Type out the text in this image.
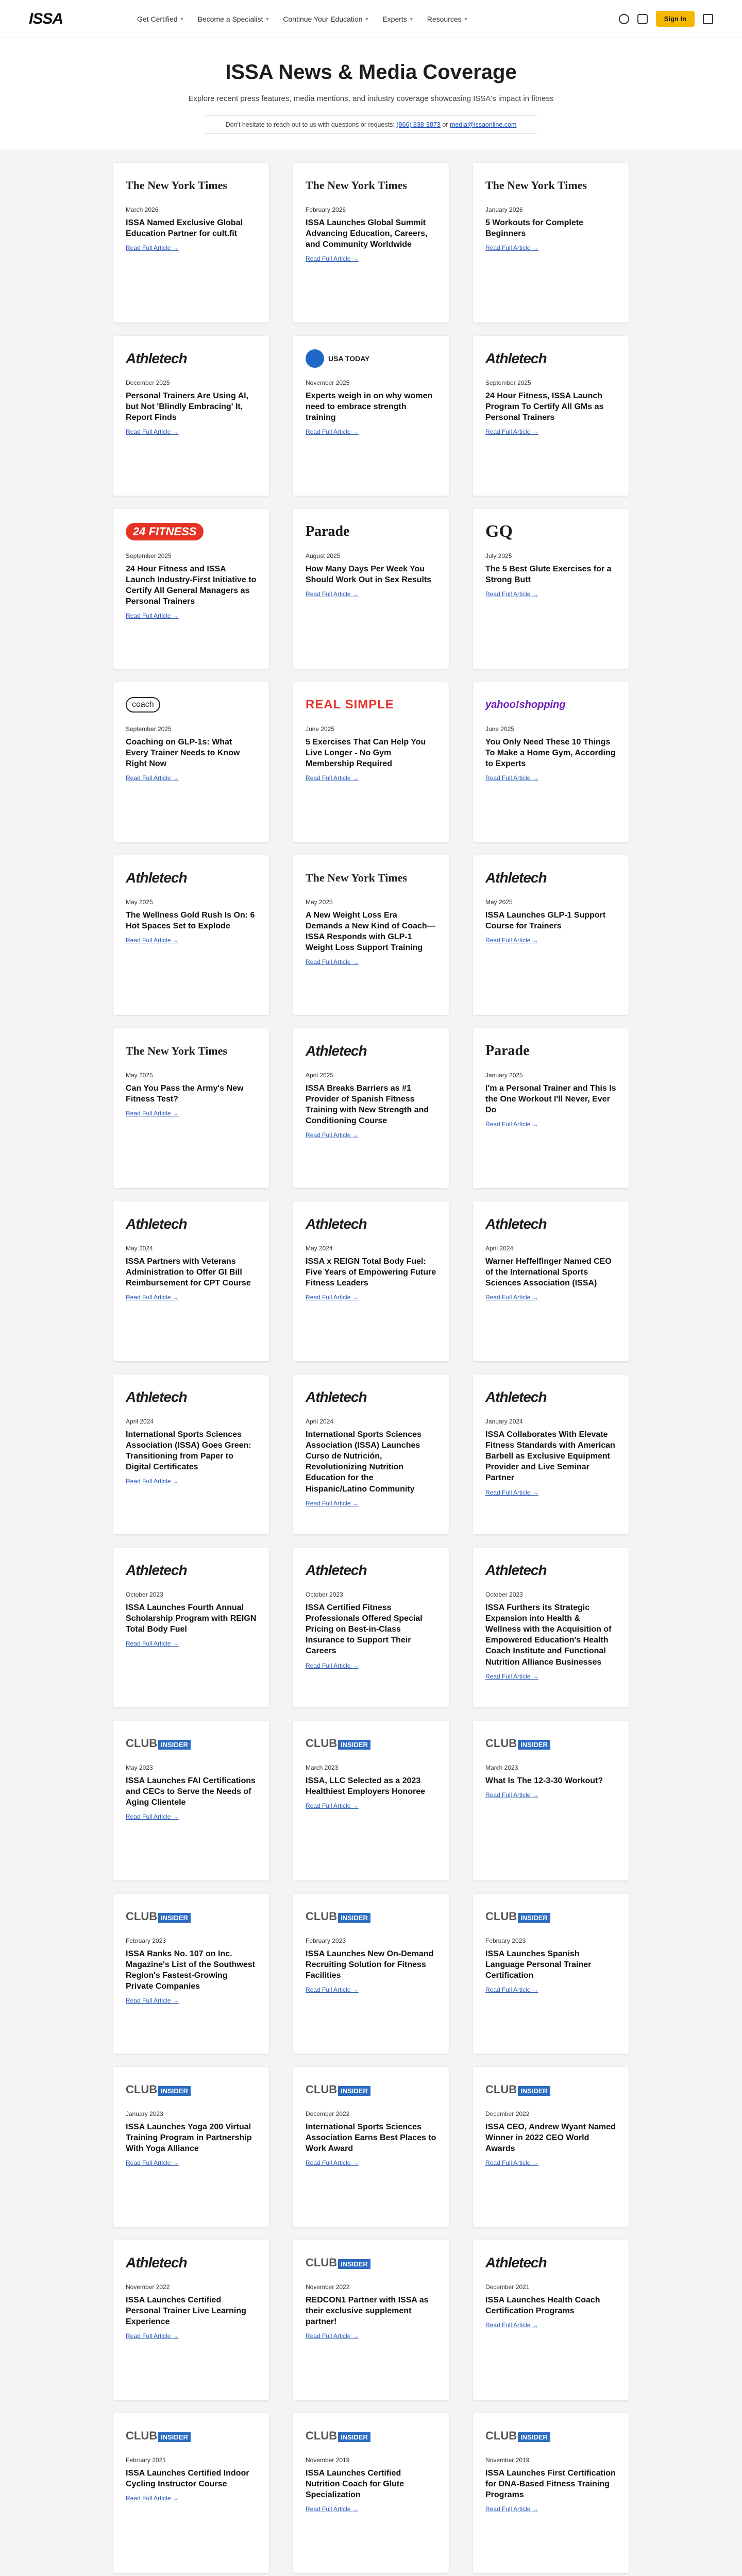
ISSA	Get Certified ▼ Become a Specialist ▼ Continue Your Education ▼ Experts ▼ Resources ▼	Sign In
ISSA News & Media Coverage

Explore recent press features, media mentions, and industry coverage showcasing ISSA's impact in fitness

Don't hesitate to reach out to us with questions or requests: (866) 838-3873 or media@issaonline.com
The New York Times
March 2026
ISSA Named Exclusive Global Education Partner for cult.fit
Read Full Article →
The New York Times
February 2026
ISSA Launches Global Summit Advancing Education, Careers, and Community Worldwide
Read Full Article →
The New York Times
January 2026
5 Workouts for Complete Beginners
Read Full Article →
Athletech
December 2025
Personal Trainers Are Using AI, but Not 'Blindly Embracing' It, Report Finds
Read Full Article →
USA TODAY
November 2025
Experts weigh in on why women need to embrace strength training
Read Full Article →
Athletech
September 2025
24 Hour Fitness, ISSA Launch Program To Certify All GMs as Personal Trainers
Read Full Article →
24 FITNESS
September 2025
24 Hour Fitness and ISSA Launch Industry-First Initiative to Certify All General Managers as Personal Trainers
Read Full Article →
Parade
August 2025
How Many Days Per Week You Should Work Out in Sex Results
Read Full Article →
GQ
July 2025
The 5 Best Glute Exercises for a Strong Butt
Read Full Article →
coach
September 2025
Coaching on GLP-1s: What Every Trainer Needs to Know Right Now
Read Full Article →
REAL SIMPLE
June 2025
5 Exercises That Can Help You Live Longer - No Gym Membership Required
Read Full Article →
yahoo!shopping
June 2025
You Only Need These 10 Things To Make a Home Gym, According to Experts
Read Full Article →
Athletech
May 2025
The Wellness Gold Rush Is On: 6 Hot Spaces Set to Explode
Read Full Article →
The New York Times
May 2025
A New Weight Loss Era Demands a New Kind of Coach—ISSA Responds with GLP-1 Weight Loss Support Training
Read Full Article →
Athletech
May 2025
ISSA Launches GLP-1 Support Course for Trainers
Read Full Article →
The New York Times
May 2025
Can You Pass the Army's New Fitness Test?
Read Full Article →
Athletech
April 2025
ISSA Breaks Barriers as #1 Provider of Spanish Fitness Training with New Strength and Conditioning Course
Read Full Article →
Parade
January 2025
I'm a Personal Trainer and This Is the One Workout I'll Never, Ever Do
Read Full Article →
Athletech
May 2024
ISSA Partners with Veterans Administration to Offer GI Bill Reimbursement for CPT Course
Read Full Article →
Athletech
May 2024
ISSA x REIGN Total Body Fuel: Five Years of Empowering Future Fitness Leaders
Read Full Article →
Athletech
April 2024
Warner Heffelfinger Named CEO of the International Sports Sciences Association (ISSA)
Read Full Article →
Athletech
April 2024
International Sports Sciences Association (ISSA) Goes Green: Transitioning from Paper to Digital Certificates
Read Full Article →
Athletech
April 2024
International Sports Sciences Association (ISSA) Launches Curso de Nutrición, Revolutionizing Nutrition Education for the Hispanic/Latino Community
Read Full Article →
Athletech
January 2024
ISSA Collaborates With Elevate Fitness Standards with American Barbell as Exclusive Equipment Provider and Live Seminar Partner
Read Full Article →
Athletech
October 2023
ISSA Launches Fourth Annual Scholarship Program with REIGN Total Body Fuel
Read Full Article →
Athletech
October 2023
ISSA Certified Fitness Professionals Offered Special Pricing on Best-in-Class Insurance to Support Their Careers
Read Full Article →
Athletech
October 2023
ISSA Furthers its Strategic Expansion into Health & Wellness with the Acquisition of Empowered Education's Health Coach Institute and Functional Nutrition Alliance Businesses
Read Full Article →
CLUB INSIDER
May 2023
ISSA Launches FAI Certifications and CECs to Serve the Needs of Aging Clientele
Read Full Article →
CLUB INSIDER
March 2023
ISSA, LLC Selected as a 2023 Healthiest Employers Honoree
Read Full Article →
CLUB INSIDER
March 2023
What Is The 12-3-30 Workout?
Read Full Article →
CLUB INSIDER
February 2023
ISSA Ranks No. 107 on Inc. Magazine's List of the Southwest Region's Fastest-Growing Private Companies
Read Full Article →
CLUB INSIDER
February 2023
ISSA Launches New On-Demand Recruiting Solution for Fitness Facilities
Read Full Article →
CLUB INSIDER
February 2023
ISSA Launches Spanish Language Personal Trainer Certification
Read Full Article →
CLUB INSIDER
January 2023
ISSA Launches Yoga 200 Virtual Training Program in Partnership With Yoga Alliance
Read Full Article →
CLUB INSIDER
December 2022
International Sports Sciences Association Earns Best Places to Work Award
Read Full Article →
CLUB INSIDER
December 2022
ISSA CEO, Andrew Wyant Named Winner in 2022 CEO World Awards
Read Full Article →
Athletech
November 2022
ISSA Launches Certified Personal Trainer Live Learning Experience
Read Full Article →
CLUB INSIDER
November 2022
REDCON1 Partner with ISSA as their exclusive supplement partner!
Read Full Article →
Athletech
December 2021
ISSA Launches Health Coach Certification Programs
Read Full Article →
CLUB INSIDER
February 2021
ISSA Launches Certified Indoor Cycling Instructor Course
Read Full Article →
CLUB INSIDER
November 2019
ISSA Launches Certified Nutrition Coach for Glute Specialization
Read Full Article →
CLUB INSIDER
November 2019
ISSA Launches First Certification for DNA-Based Fitness Training Programs
Read Full Article →
